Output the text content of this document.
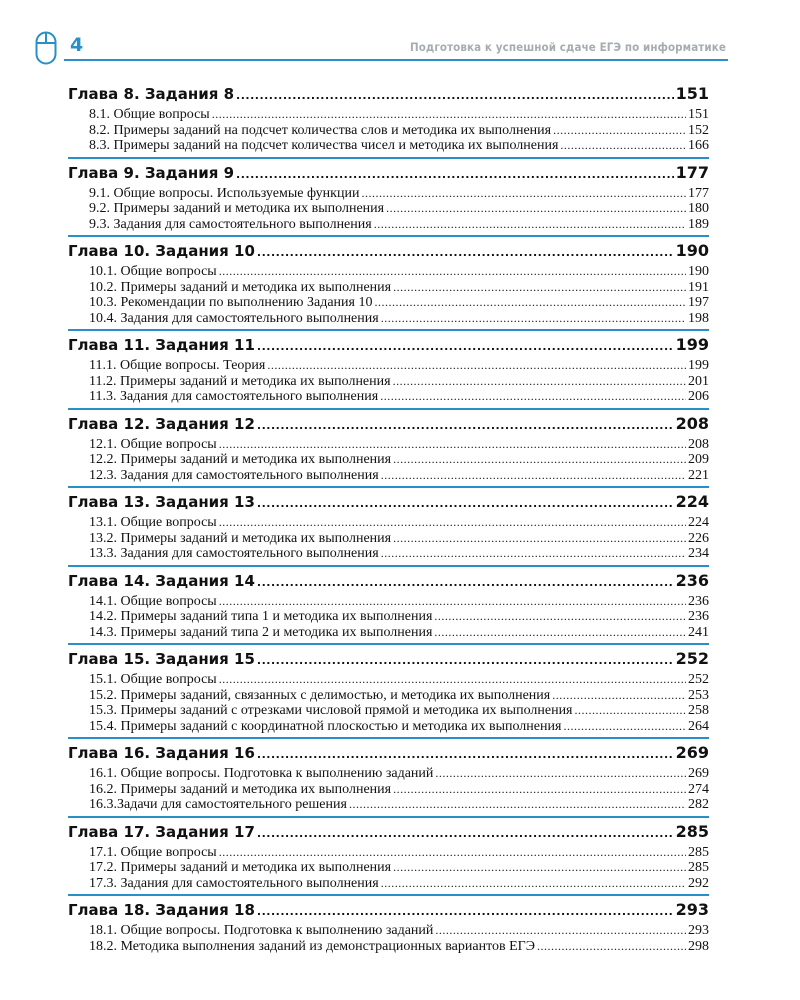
4	Подготовка к успешной сдаче ЕГЭ по информатике
Глава 8. Задания 8 .....	151
8.1. Общие вопросы .....	151
8.2. Примеры заданий на подсчет количества слов и методика их выполнения .....	152
8.3. Примеры заданий на подсчет количества чисел и методика их выполнения .....	166
Глава 9. Задания 9 .....	177
9.1. Общие вопросы. Используемые функции .....	177
9.2. Примеры заданий и методика их выполнения .....	180
9.3. Задания для самостоятельного выполнения .....	189
Глава 10. Задания 10 .....	190
10.1. Общие вопросы .....	190
10.2. Примеры заданий и методика их выполнения .....	191
10.3. Рекомендации по выполнению Задания 10 .....	197
10.4. Задания для самостоятельного выполнения .....	198
Глава 11. Задания 11 .....	199
11.1. Общие вопросы. Теория .....	199
11.2. Примеры заданий и методика их выполнения .....	201
11.3. Задания для самостоятельного выполнения .....	206
Глава 12. Задания 12 .....	208
12.1. Общие вопросы .....	208
12.2. Примеры заданий и методика их выполнения .....	209
12.3. Задания для самостоятельного выполнения .....	221
Глава 13. Задания 13 .....	224
13.1. Общие вопросы .....	224
13.2. Примеры заданий и методика их выполнения .....	226
13.3. Задания для самостоятельного выполнения .....	234
Глава 14. Задания 14 .....	236
14.1. Общие вопросы .....	236
14.2. Примеры заданий типа 1 и методика их выполнения .....	236
14.3. Примеры заданий типа 2 и методика их выполнения .....	241
Глава 15. Задания 15 .....	252
15.1. Общие вопросы .....	252
15.2. Примеры заданий, связанных с делимостью, и методика их выполнения .....	253
15.3. Примеры заданий с отрезками числовой прямой и методика их выполнения .....	258
15.4. Примеры заданий с координатной плоскостью и методика их выполнения .....	264
Глава 16. Задания 16 .....	269
16.1. Общие вопросы. Подготовка к выполнению заданий .....	269
16.2. Примеры заданий и методика их выполнения .....	274
16.3.Задачи для самостоятельного решения .....	282
Глава 17. Задания 17 .....	285
17.1. Общие вопросы .....	285
17.2. Примеры заданий и методика их выполнения .....	285
17.3. Задания для самостоятельного выполнения .....	292
Глава 18. Задания 18 .....	293
18.1. Общие вопросы. Подготовка к выполнению заданий .....	293
18.2. Методика выполнения заданий из демонстрационных вариантов ЕГЭ .....	298
